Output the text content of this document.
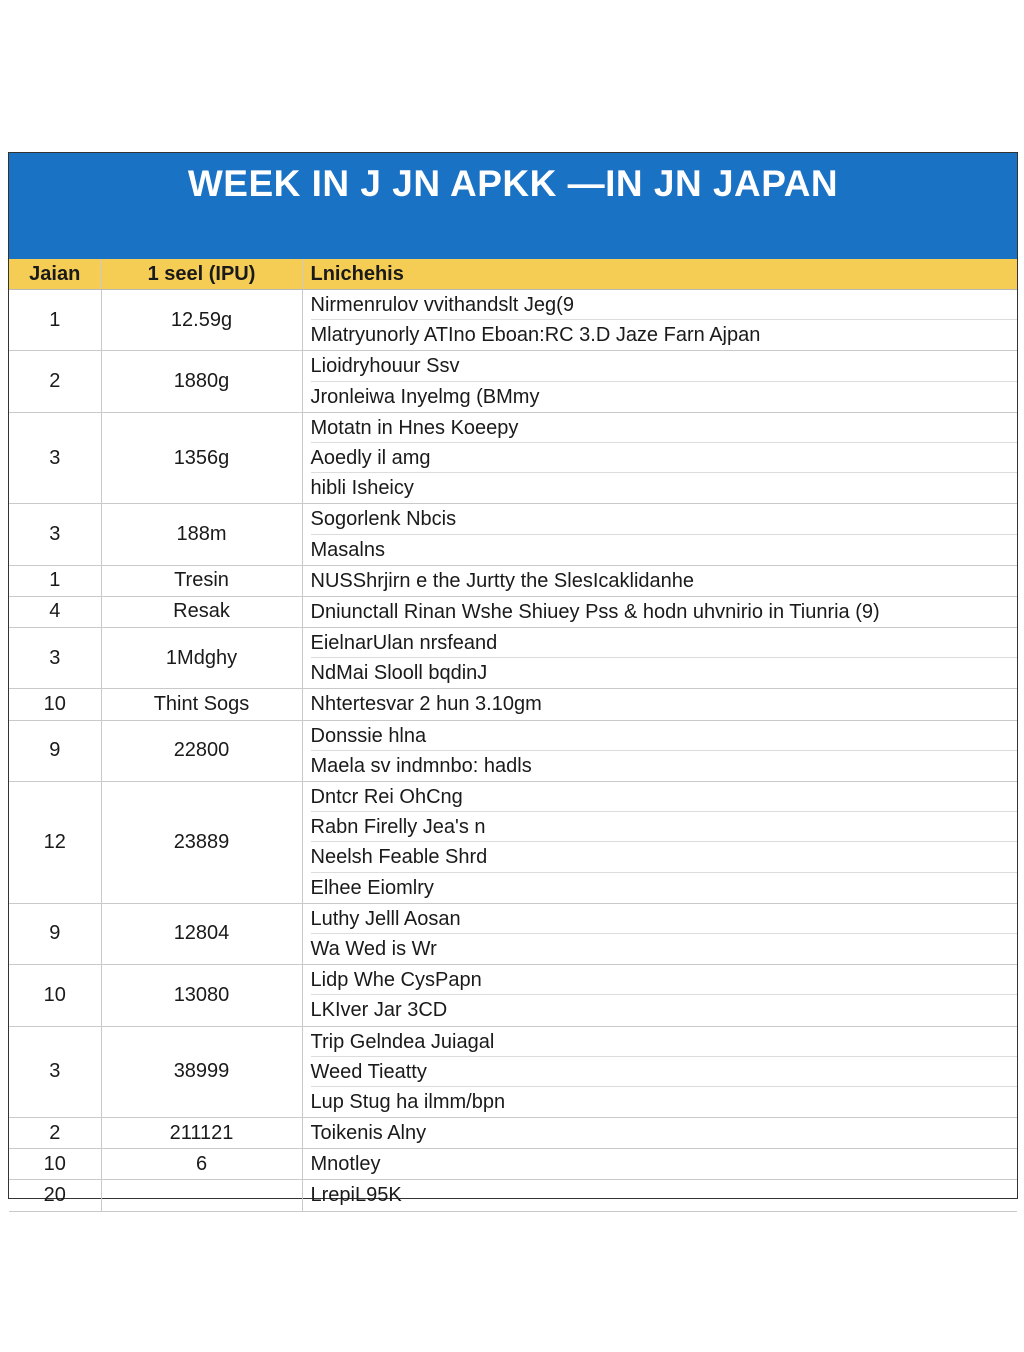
WEEK IN J JN APKK —IN JN JAPAN
Jaian	1 seel (IPU)	Lnichehis
1	12.59g	Nirmenrulov vvithandslt Jeg(9
Mlatryunorly ATIno Eboan:RC 3.D Jaze Farn Ajpan

2	1880g	Lioidryhouur Ssv
Jronleiwa Inyelmg (BMmy

3	1356g	Motatn in Hnes Koeepy
Aoedly il amg
hibli Isheicy

3	188m	Sogorlenk Nbcis
Masalns

1	Tresin	NUSShrjirn e the Jurtty the SlesIcaklidanhe

4	Resak	Dniunctall Rinan Wshe Shiuey Pss & hodn uhvnirio in Tiunria (9)

3	1Mdghy	EielnarUlan nrsfeand
NdMai Slooll bqdinJ

10	Thint Sogs	Nhtertesvar 2 hun 3.10gm

9	22800	Donssie hlna
Maela sv indmnbo: hadls

12	23889	Dntcr Rei OhCng
Rabn Firelly Jea's n
Neelsh Feable Shrd
Elhee Eiomlry

9	12804	Luthy Jelll Aosan
Wa Wed is Wr

10	13080	Lidp Whe CysPapn
LKIver Jar 3CD

3	38999	Trip Gelndea Juiagal
Weed Tieatty
Lup Stug ha ilmm/bpn

2	211121	Toikenis Alny

10	6	Mnotley

20		LrepiL95K
